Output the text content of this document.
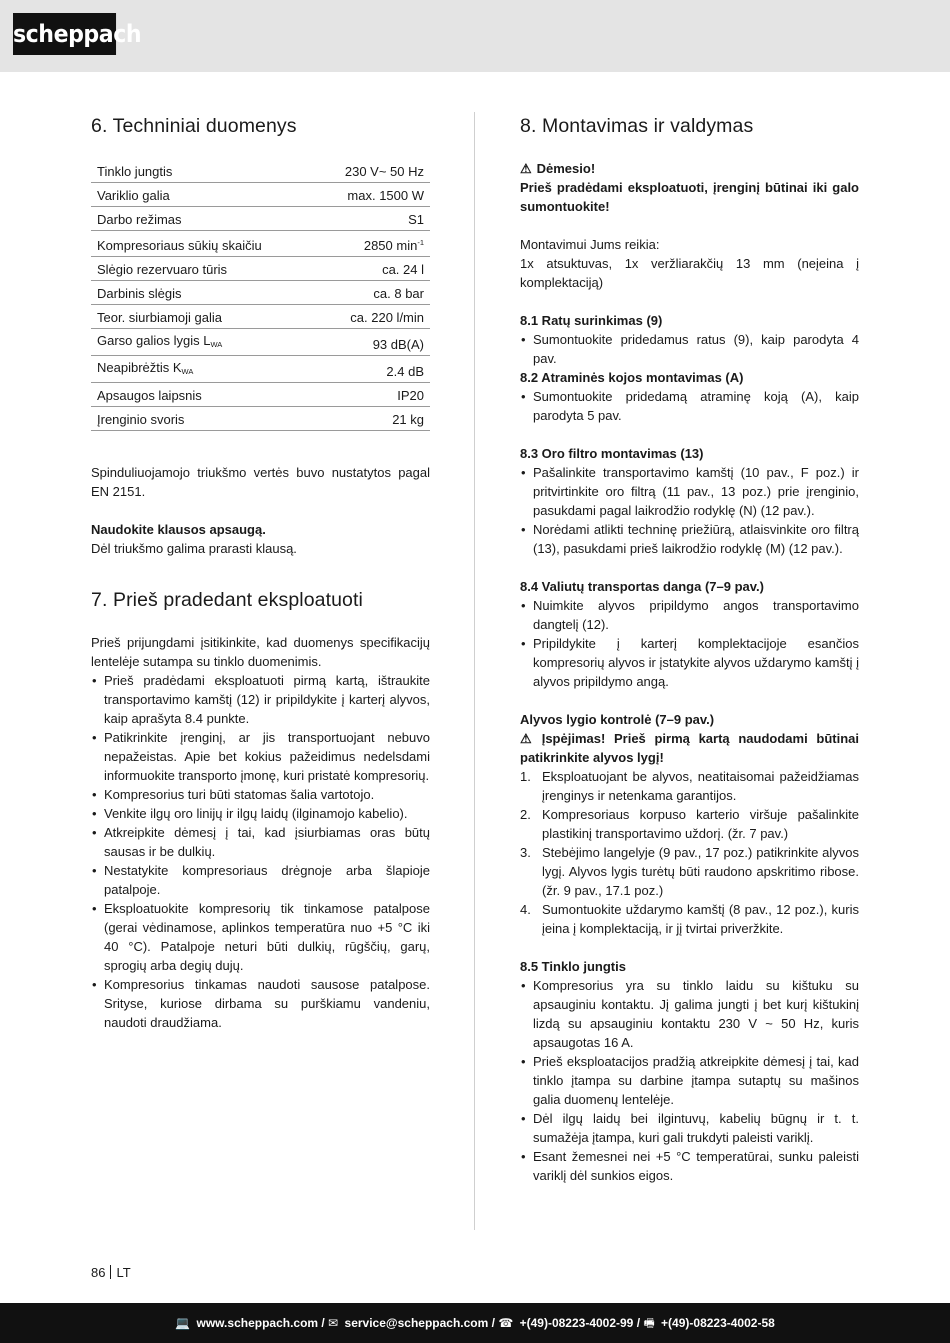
scheppach
6. Techniniai duomenys
Tinklo jungtis	230 V~ 50 Hz
Variklio galia	max. 1500 W
Darbo režimas	S1
Kompresoriaus sūkių skaičiu	2850 $\min^{-1}$
Slėgio rezervuaro tūris	ca. 24 l
Darbinis slėgis	ca. 8 bar
Teor. siurbiamoji galia	ca. 220 l/min
Garso galios lygis $L_{WA}$	93 dB(A)
Neapibrėžtis $K_{WA}$	2.4 dB
Apsaugos laipsnis	IP20
Įrenginio svoris	21 kg

Spinduliuojamojo triukšmo vertės buvo nustatytos pagal EN 2151.

Naudokite klausos apsaugą.

Dėl triukšmo galima prarasti klausą.

7. Prieš pradedant eksploatuoti

Prieš prijungdami įsitikinkite, kad duomenys specifikacijų lentelėje sutampa su tinklo duomenimis.

• Prieš pradėdami eksploatuoti pirmą kartą, ištraukite transportavimo kamštį (12) ir pripildykite į karterį alyvos, kaip aprašyta 8.4 punkte.
• Patikrinkite įrenginį, ar jis transportuojant nebuvo nepažeistas. Apie bet kokius pažeidimus nedelsdami informuokite transporto įmonę, kuri pristatė kompresorių.
• Kompresorius turi būti statomas šalia vartotojo.
• Venkite ilgų oro linijų ir ilgų laidų (ilginamojo kabelio).
• Atkreipkite dėmesį į tai, kad įsiurbiamas oras būtų sausas ir be dulkių.
• Nestatykite kompresoriaus drėgnoje arba šlapioje patalpoje.
• Eksploatuokite kompresorių tik tinkamose patalpose (gerai vėdinamose, aplinkos temperatūra nuo +5 °C iki 40 °C). Patalpoje neturi būti dulkių, rūgščių, garų, sprogių arba degių dujų.
• Kompresorius tinkamas naudoti sausose patalpose. Srityse, kuriose dirbama su purškiamu vandeniu, naudoti draudžiama.
8. Montavimas ir valdymas

⚠ Dėmesio!

Prieš pradėdami eksploatuoti, įrenginį būtinai iki galo sumontuokite!

Montavimui Jums reikia:

1x atsuktuvas, 1x veržliarakčių 13 mm (neįeina į komplektaciją)

8.1 Ratų surinkimas (9)

• Sumontuokite pridedamus ratus (9), kaip parodyta 4 pav.

8.2 Atraminės kojos montavimas (A)

• Sumontuokite pridedamą atraminę koją (A), kaip parodyta 5 pav.

8.3 Oro filtro montavimas (13)

• Pašalinkite transportavimo kamštį (10 pav., F poz.) ir pritvirtinkite oro filtrą (11 pav., 13 poz.) prie įrenginio, pasukdami pagal laikrodžio rodyklę (N) (12 pav.).
• Norėdami atlikti techninę priežiūrą, atlaisvinkite oro filtrą (13), pasukdami prieš laikrodžio rodyklę (M) (12 pav.).

8.4 Valiutų transportas danga (7–9 pav.)

• Nuimkite alyvos pripildymo angos transportavimo dangtelį (12).
• Pripildykite į karterį komplektacijoje esančios kompresorių alyvos ir įstatykite alyvos uždarymo kamštį į alyvos pripildymo angą.

Alyvos lygio kontrolė (7–9 pav.)

⚠ Įspėjimas! Prieš pirmą kartą naudodami būtinai patikrinkite alyvos lygį!

1. Eksploatuojant be alyvos, neatitaisomai pažeidžiamas įrenginys ir netenkama garantijos.
2. Kompresoriaus korpuso karterio viršuje pašalinkite plastikinį transportavimo uždorį. (žr. 7 pav.)
3. Stebėjimo langelyje (9 pav., 17 poz.) patikrinkite alyvos lygį. Alyvos lygis turėtų būti raudono apskritimo ribose. (žr. 9 pav., 17.1 poz.)
4. Sumontuokite uždarymo kamštį (8 pav., 12 poz.), kuris įeina į komplektaciją, ir jį tvirtai priveržkite.

8.5 Tinklo jungtis

• Kompresorius yra su tinklo laidu su kištuku su apsauginiu kontaktu. Jį galima jungti į bet kurį kištukinį lizdą su apsauginiu kontaktu 230 V ~ 50 Hz, kuris apsaugotas 16 A.
• Prieš eksploatacijos pradžią atkreipkite dėmesį į tai, kad tinklo įtampa su darbine įtampa sutaptų su mašinos galia duomenų lentelėje.
• Dėl ilgų laidų bei ilgintuvų, kabelių būgnų ir t. t. sumažėja įtampa, kuri gali trukdyti paleisti variklį.
• Esant žemesnei nei +5 °C temperatūrai, sunku paleisti variklį dėl sunkios eigos.
86 LT
💻 www.scheppach.com / ✉ service@scheppach.com / ☎ +(49)-08223-4002-99 / 🖷 +(49)-08223-4002-58
